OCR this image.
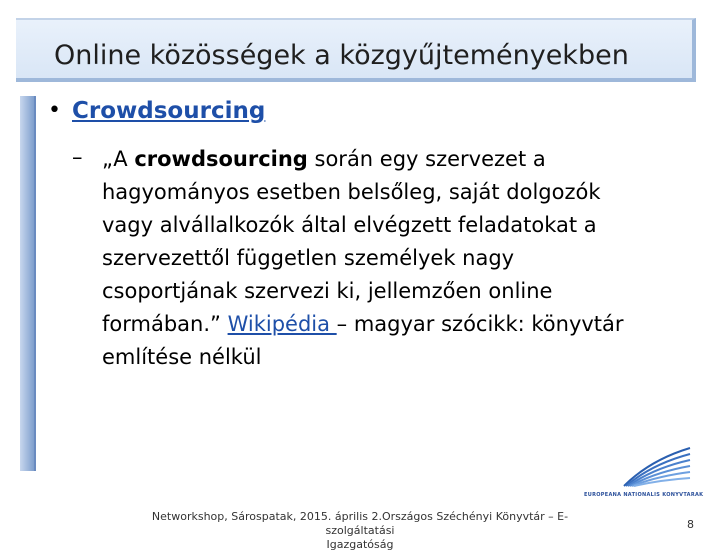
Online közösségek a közgyűjteményekben
• Crowdsourcing
– „A crowdsourcing során egy szervezet a
hagyományos esetben belsőleg, saját dolgozók
vagy alvállalkozók által elvégzett feladatokat a
szervezettől független személyek nagy
csoportjának szervezi ki, jellemzően online
formában.” Wikipédia – magyar szócikk: könyvtár
említése nélkül
EUROPEANA NATIONALIS KONYVTARAK
Networkshop, Sárospatak, 2015. április 2.Országos Széchényi Könyvtár – E-szolgáltatási
Igazgatóság
8
